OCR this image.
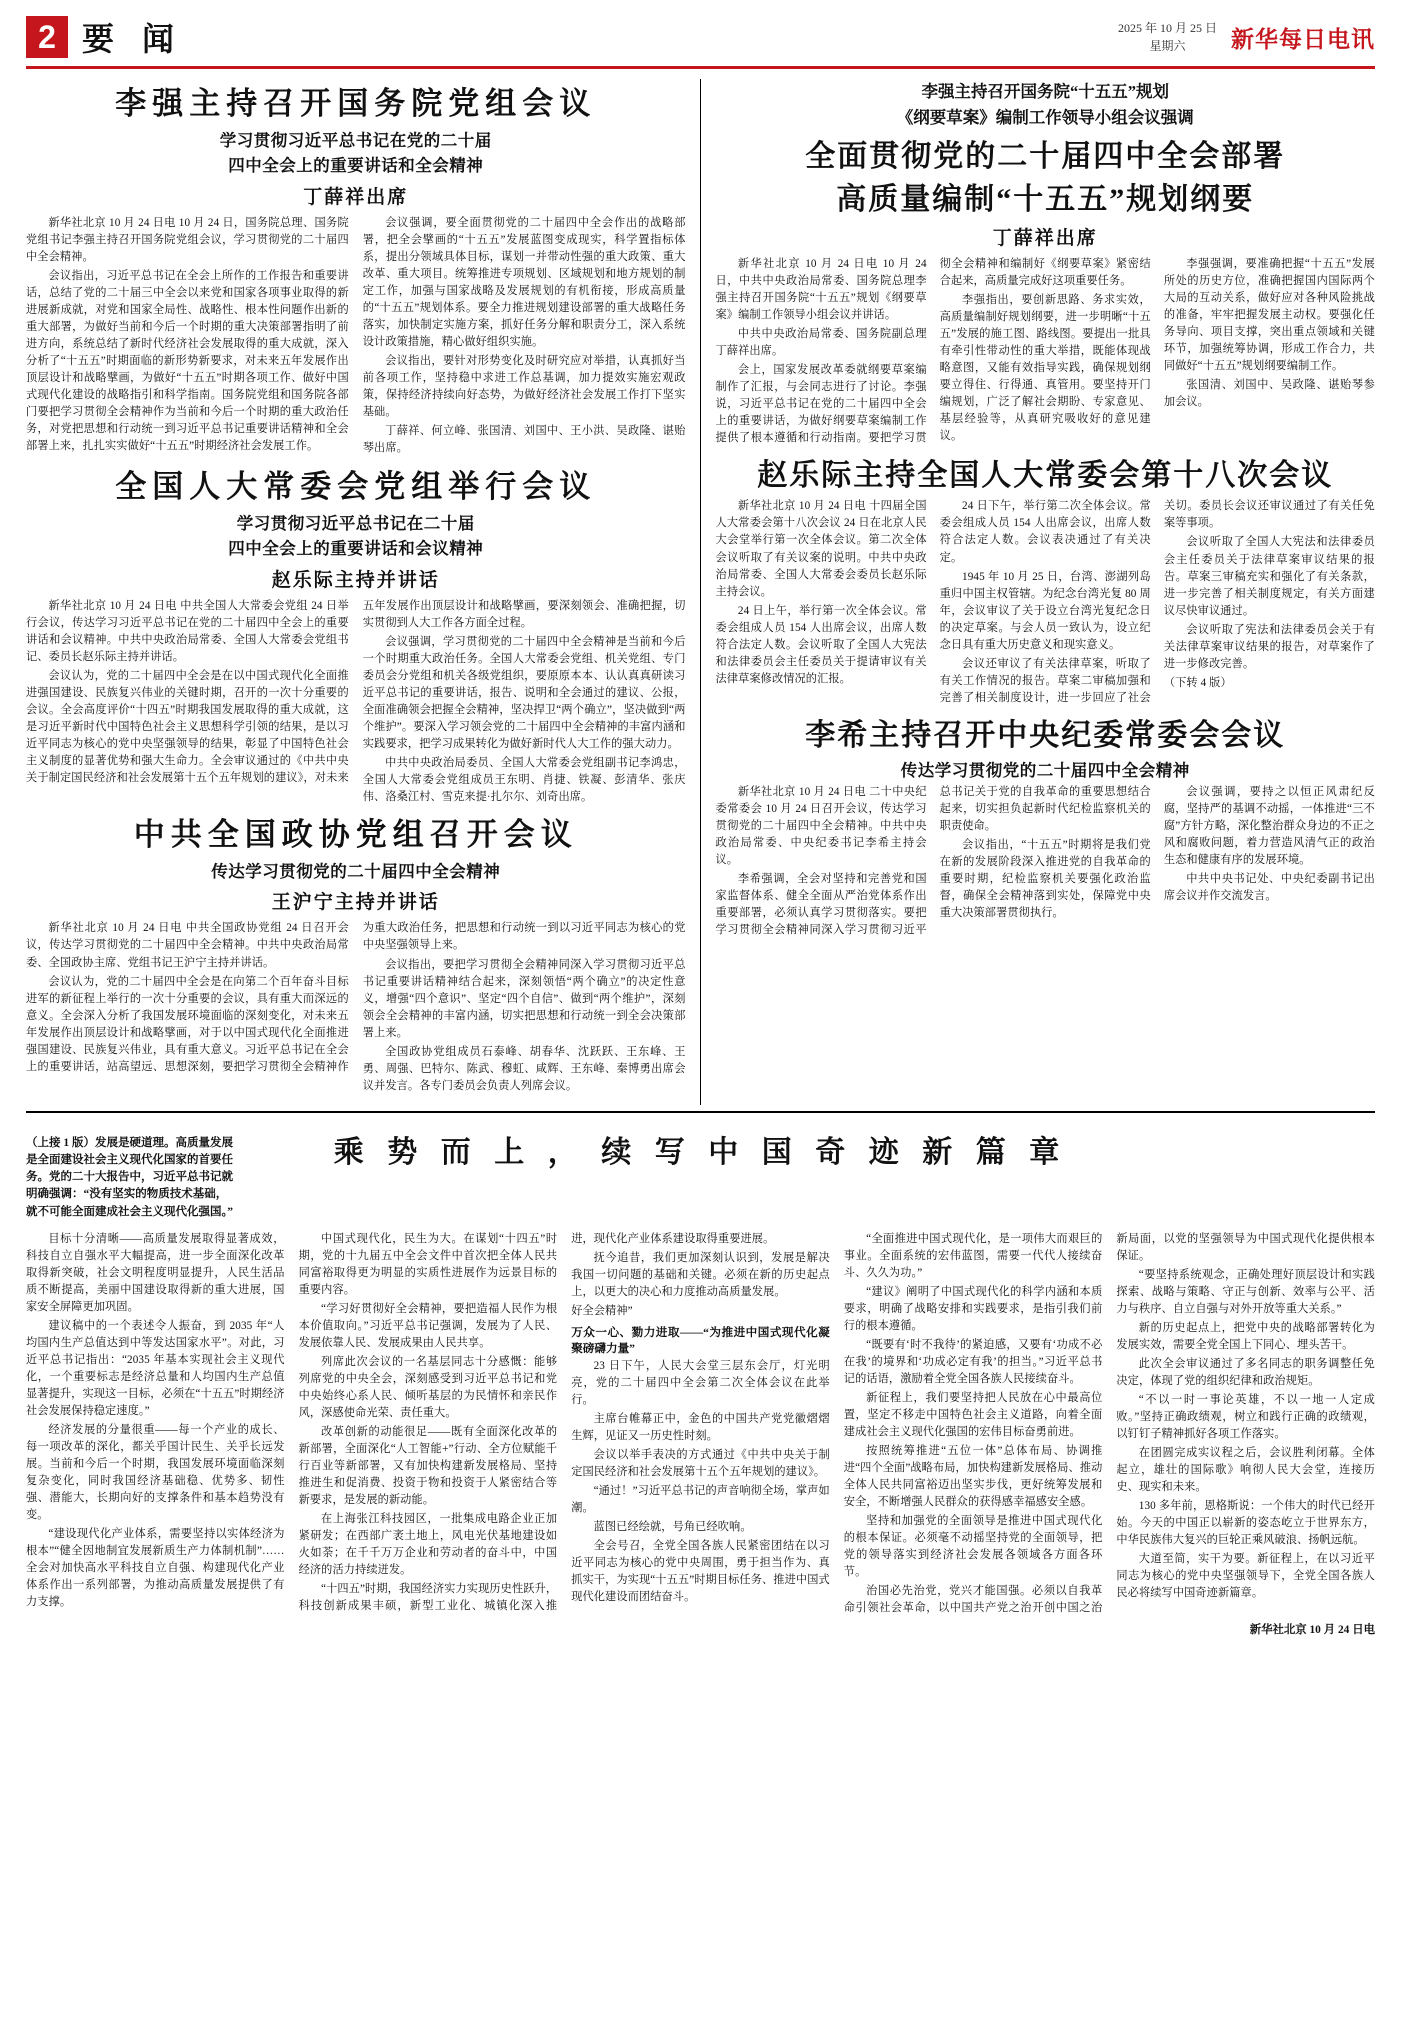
2 要 闻	2025 年 10 月 25 日
星期六	新华每日电讯
李强主持召开国务院党组会议
学习贯彻习近平总书记在党的二十届
四中全会上的重要讲话和全会精神
丁薛祥出席

新华社北京 10 月 24 日电 10 月 24 日，国务院总理、国务院党组书记李强主持召开国务院党组会议，学习贯彻党的二十届四中全会精神。

会议指出，习近平总书记在全会上所作的工作报告和重要讲话，总结了党的二十届三中全会以来党和国家各项事业取得的新进展新成就，对党和国家全局性、战略性、根本性问题作出新的重大部署，为做好当前和今后一个时期的重大决策部署指明了前进方向，系统总结了新时代经济社会发展取得的重大成就，深入分析了“十五五”时期面临的新形势新要求，对未来五年发展作出顶层设计和战略擘画，为做好“十五五”时期各项工作、做好中国式现代化建设的战略指引和科学指南。国务院党组和国务院各部门要把学习贯彻全会精神作为当前和今后一个时期的重大政治任务，对党把思想和行动统一到习近平总书记重要讲话精神和全会部署上来，扎扎实实做好“十五五”时期经济社会发展工作。

会议强调，要全面贯彻党的二十届四中全会作出的战略部署，把全会擘画的“十五五”发展蓝图变成现实，科学置指标体系，提出分领域具体目标，谋划一并带动性强的重大政策、重大改革、重大项目。统筹推进专项规划、区域规划和地方规划的制定工作，加强与国家战略及发展规划的有机衔接，形成高质量的“十五五”规划体系。要全力推进规划建设部署的重大战略任务落实，加快制定实施方案，抓好任务分解和职责分工，深入系统设计政策措施，精心做好组织实施。

会议指出，要针对形势变化及时研究应对举措，认真抓好当前各项工作，坚持稳中求进工作总基调，加力提效实施宏观政策，保持经济持续向好态势，为做好经济社会发展工作打下坚实基础。

丁薛祥、何立峰、张国清、刘国中、王小洪、吴政隆、谌贻琴出席。

全国人大常委会党组举行会议
学习贯彻习近平总书记在二十届
四中全会上的重要讲话和会议精神
赵乐际主持并讲话

新华社北京 10 月 24 日电 中共全国人大常委会党组 24 日举行会议，传达学习习近平总书记在党的二十届四中全会上的重要讲话和会议精神。中共中央政治局常委、全国人大常委会党组书记、委员长赵乐际主持并讲话。

会议认为，党的二十届四中全会是在以中国式现代化全面推进强国建设、民族复兴伟业的关键时期，召开的一次十分重要的会议。全会高度评价“十四五”时期我国发展取得的重大成就，这是习近平新时代中国特色社会主义思想科学引领的结果，是以习近平同志为核心的党中央坚强领导的结果，彰显了中国特色社会主义制度的显著优势和强大生命力。全会审议通过的《中共中央关于制定国民经济和社会发展第十五个五年规划的建议》，对未来五年发展作出顶层设计和战略擘画，要深刻领会、准确把握，切实贯彻到人大工作各方面全过程。

会议强调，学习贯彻党的二十届四中全会精神是当前和今后一个时期重大政治任务。全国人大常委会党组、机关党组、专门委员会分党组和机关各级党组织，要原原本本、认认真真研读习近平总书记的重要讲话，报告、说明和全会通过的建议、公报，全面准确领会把握全会精神，坚决捍卫“两个确立”，坚决做到“两个维护”。要深入学习领会党的二十届四中全会精神的丰富内涵和实践要求，把学习成果转化为做好新时代人大工作的强大动力。

中共中央政治局委员、全国人大常委会党组副书记李鸿忠，全国人大常委会党组成员王东明、肖捷、铁凝、彭清华、张庆伟、洛桑江村、雪克来提·扎尔尔、刘奇出席。

中共全国政协党组召开会议
传达学习贯彻党的二十届四中全会精神
王沪宁主持并讲话

新华社北京 10 月 24 日电 中共全国政协党组 24 日召开会议，传达学习贯彻党的二十届四中全会精神。中共中央政治局常委、全国政协主席、党组书记王沪宁主持并讲话。

会议认为，党的二十届四中全会是在向第二个百年奋斗目标进军的新征程上举行的一次十分重要的会议，具有重大而深远的意义。全会深入分析了我国发展环境面临的深刻变化，对未来五年发展作出顶层设计和战略擘画，对于以中国式现代化全面推进强国建设、民族复兴伟业，具有重大意义。习近平总书记在全会上的重要讲话，站高望远、思想深刻，要把学习贯彻全会精神作为重大政治任务，把思想和行动统一到以习近平同志为核心的党中央坚强领导上来。

会议指出，要把学习贯彻全会精神同深入学习贯彻习近平总书记重要讲话精神结合起来，深刻领悟“两个确立”的决定性意义，增强“四个意识”、坚定“四个自信”、做到“两个维护”，深刻领会全会精神的丰富内涵，切实把思想和行动统一到全会决策部署上来。

全国政协党组成员石泰峰、胡春华、沈跃跃、王东峰、王勇、周强、巴特尔、陈武、穆虹、咸辉、王东峰、秦博勇出席会议并发言。各专门委员会负责人列席会议。

李强主持召开国务院“十五五”规划
《纲要草案》编制工作领导小组会议强调
全面贯彻党的二十届四中全会部署
高质量编制“十五五”规划纲要
丁薛祥出席

新华社北京 10 月 24 日电 10 月 24 日，中共中央政治局常委、国务院总理李强主持召开国务院“十五五”规划《纲要草案》编制工作领导小组会议并讲话。

中共中央政治局常委、国务院副总理丁薛祥出席。

会上，国家发展改革委就纲要草案编制作了汇报，与会同志进行了讨论。李强说，习近平总书记在党的二十届四中全会上的重要讲话，为做好纲要草案编制工作提供了根本遵循和行动指南。要把学习贯彻全会精神和编制好《纲要草案》紧密结合起来，高质量完成好这项重要任务。

李强指出，要创新思路、务求实效，高质量编制好规划纲要，进一步明晰“十五五”发展的施工图、路线图。要提出一批具有牵引性带动性的重大举措，既能体现战略意图，又能有效指导实践，确保规划纲要立得住、行得通、真管用。要坚持开门编规划，广泛了解社会期盼、专家意见、基层经验等，从真研究吸收好的意见建议。

李强强调，要准确把握“十五五”发展所处的历史方位，准确把握国内国际两个大局的互动关系，做好应对各种风险挑战的准备，牢牢把握发展主动权。要强化任务导向、项目支撑，突出重点领域和关键环节，加强统筹协调，形成工作合力，共同做好“十五五”规划纲要编制工作。

张国清、刘国中、吴政隆、谌贻琴参加会议。

赵乐际主持全国人大常委会第十八次会议

新华社北京 10 月 24 日电 十四届全国人大常委会第十八次会议 24 日在北京人民大会堂举行第一次全体会议。第二次全体会议听取了有关议案的说明。中共中央政治局常委、全国人大常委会委员长赵乐际主持会议。

24 日上午，举行第一次全体会议。常委会组成人员 154 人出席会议，出席人数符合法定人数。会议听取了全国人大宪法和法律委员会主任委员关于提请审议有关法律草案修改情况的汇报。

24 日下午，举行第二次全体会议。常委会组成人员 154 人出席会议，出席人数符合法定人数。会议表决通过了有关决定。

1945 年 10 月 25 日，台湾、澎湖列岛重归中国主权管辖。为纪念台湾光复 80 周年，会议审议了关于设立台湾光复纪念日的决定草案。与会人员一致认为，设立纪念日具有重大历史意义和现实意义。

会议还审议了有关法律草案，听取了有关工作情况的报告。草案二审稿加强和完善了相关制度设计，进一步回应了社会关切。委员长会议还审议通过了有关任免案等事项。

会议听取了全国人大宪法和法律委员会主任委员关于法律草案审议结果的报告。草案三审稿充实和强化了有关条款，进一步完善了相关制度规定，有关方面建议尽快审议通过。

会议听取了宪法和法律委员会关于有关法律草案审议结果的报告，对草案作了进一步修改完善。

（下转 4 版）

李希主持召开中央纪委常委会会议
传达学习贯彻党的二十届四中全会精神

新华社北京 10 月 24 日电 二十中央纪委常委会 10 月 24 日召开会议，传达学习贯彻党的二十届四中全会精神。中共中央政治局常委、中央纪委书记李希主持会议。

李希强调，全会对坚持和完善党和国家监督体系、健全全面从严治党体系作出重要部署，必须认真学习贯彻落实。要把学习贯彻全会精神同深入学习贯彻习近平总书记关于党的自我革命的重要思想结合起来，切实担负起新时代纪检监察机关的职责使命。

会议指出，“十五五”时期将是我们党在新的发展阶段深入推进党的自我革命的重要时期，纪检监察机关要强化政治监督，确保全会精神落到实处，保障党中央重大决策部署贯彻执行。

会议强调，要持之以恒正风肃纪反腐，坚持严的基调不动摇，一体推进“三不腐”方针方略，深化整治群众身边的不正之风和腐败问题，着力营造风清气正的政治生态和健康有序的发展环境。

中共中央书记处、中央纪委副书记出席会议并作交流发言。

（上接 1 版）发展是硬道理。高质量发展是全面建设社会主义现代化国家的首要任务。党的二十大报告中，习近平总书记就明确强调：“没有坚实的物质技术基础，就不可能全面建成社会主义现代化强国。”
乘 势 而 上 ， 续 写 中 国 奇 迹 新 篇 章

目标十分清晰——高质量发展取得显著成效，科技自立自强水平大幅提高，进一步全面深化改革取得新突破，社会文明程度明显提升，人民生活品质不断提高，美丽中国建设取得新的重大进展，国家安全屏障更加巩固。

建议稿中的一个表述令人振奋，到 2035 年“人均国内生产总值达到中等发达国家水平”。对此，习近平总书记指出：“2035 年基本实现社会主义现代化，一个重要标志是经济总量和人均国内生产总值显著提升，实现这一目标，必须在“十五五”时期经济社会发展保持稳定速度。”

经济发展的分量很重——每一个产业的成长、每一项改革的深化，都关乎国计民生、关乎长远发展。当前和今后一个时期，我国发展环境面临深刻复杂变化，同时我国经济基础稳、优势多、韧性强、潜能大，长期向好的支撑条件和基本趋势没有变。

“建设现代化产业体系，需要坚持以实体经济为根本”“健全因地制宜发展新质生产力体制机制”……全会对加快高水平科技自立自强、构建现代化产业体系作出一系列部署，为推动高质量发展提供了有力支撑。

中国式现代化，民生为大。在谋划“十四五”时期，党的十九届五中全会文件中首次把全体人民共同富裕取得更为明显的实质性进展作为远景目标的重要内容。

“学习好贯彻好全会精神，要把造福人民作为根本价值取向。”习近平总书记强调，发展为了人民、发展依靠人民、发展成果由人民共享。

列席此次会议的一名基层同志十分感慨：能够列席党的中央全会，深刻感受到习近平总书记和党中央始终心系人民、倾听基层的为民情怀和亲民作风，深感使命光荣、责任重大。

改革创新的动能很足——既有全面深化改革的新部署，全面深化“人工智能+”行动、全方位赋能千行百业等新部署，又有加快构建新发展格局、坚持推进生和促消费、投资于物和投资于人紧密结合等新要求，是发展的新动能。

在上海张江科技园区，一批集成电路企业正加紧研发；在西部广袤土地上，风电光伏基地建设如火如荼；在千千万万企业和劳动者的奋斗中，中国经济的活力持续迸发。

“十四五”时期，我国经济实力实现历史性跃升，科技创新成果丰硕，新型工业化、城镇化深入推进，现代化产业体系建设取得重要进展。

抚今追昔，我们更加深刻认识到，发展是解决我国一切问题的基础和关键。必须在新的历史起点上，以更大的决心和力度推动高质量发展。

好全会精神”

万众一心、勠力进取——“为推进中国式现代化凝聚磅礴力量”

23 日下午，人民大会堂三层东会厅，灯光明亮，党的二十届四中全会第二次全体会议在此举行。

主席台帷幕正中，金色的中国共产党党徽熠熠生辉，见证又一历史性时刻。

会议以举手表决的方式通过《中共中央关于制定国民经济和社会发展第十五个五年规划的建议》。

“通过！”习近平总书记的声音响彻全场，掌声如潮。

蓝图已经绘就，号角已经吹响。

全会号召，全党全国各族人民紧密团结在以习近平同志为核心的党中央周围，勇于担当作为、真抓实干，为实现“十五五”时期目标任务、推进中国式现代化建设而团结奋斗。

“全面推进中国式现代化，是一项伟大而艰巨的事业。全面系统的宏伟蓝图，需要一代代人接续奋斗、久久为功。”

“建议》阐明了中国式现代化的科学内涵和本质要求，明确了战略安排和实践要求，是指引我们前行的根本遵循。

“既要有‘时不我待’的紧迫感，又要有‘功成不必在我’的境界和‘功成必定有我’的担当。”习近平总书记的话语，激励着全党全国各族人民接续奋斗。

新征程上，我们要坚持把人民放在心中最高位置，坚定不移走中国特色社会主义道路，向着全面建成社会主义现代化强国的宏伟目标奋勇前进。

按照统筹推进“五位一体”总体布局、协调推进“四个全面”战略布局，加快构建新发展格局、推动全体人民共同富裕迈出坚实步伐，更好统筹发展和安全，不断增强人民群众的获得感幸福感安全感。

坚持和加强党的全面领导是推进中国式现代化的根本保证。必须毫不动摇坚持党的全面领导，把党的领导落实到经济社会发展各领域各方面各环节。

治国必先治党，党兴才能国强。必须以自我革命引领社会革命，以中国共产党之治开创中国之治新局面，以党的坚强领导为中国式现代化提供根本保证。

“要坚持系统观念，正确处理好顶层设计和实践探索、战略与策略、守正与创新、效率与公平、活力与秩序、自立自强与对外开放等重大关系。”

新的历史起点上，把党中央的战略部署转化为发展实效，需要全党全国上下同心、埋头苦干。

此次全会审议通过了多名同志的职务调整任免决定，体现了党的组织纪律和政治规矩。

“不以一时一事论英雄，不以一地一人定成败。”坚持正确政绩观，树立和践行正确的政绩观，以钉钉子精神抓好各项工作落实。

在团圆完成实议程之后，会议胜利闭幕。全体起立，雄壮的国际歌》响彻人民大会堂，连接历史、现实和未来。

130 多年前，恩格斯说：一个伟大的时代已经开始。今天的中国正以崭新的姿态屹立于世界东方，中华民族伟大复兴的巨轮正乘风破浪、扬帆远航。

大道至简，实干为要。新征程上，在以习近平同志为核心的党中央坚强领导下，全党全国各族人民必将续写中国奇迹新篇章。

新华社北京 10 月 24 日电
